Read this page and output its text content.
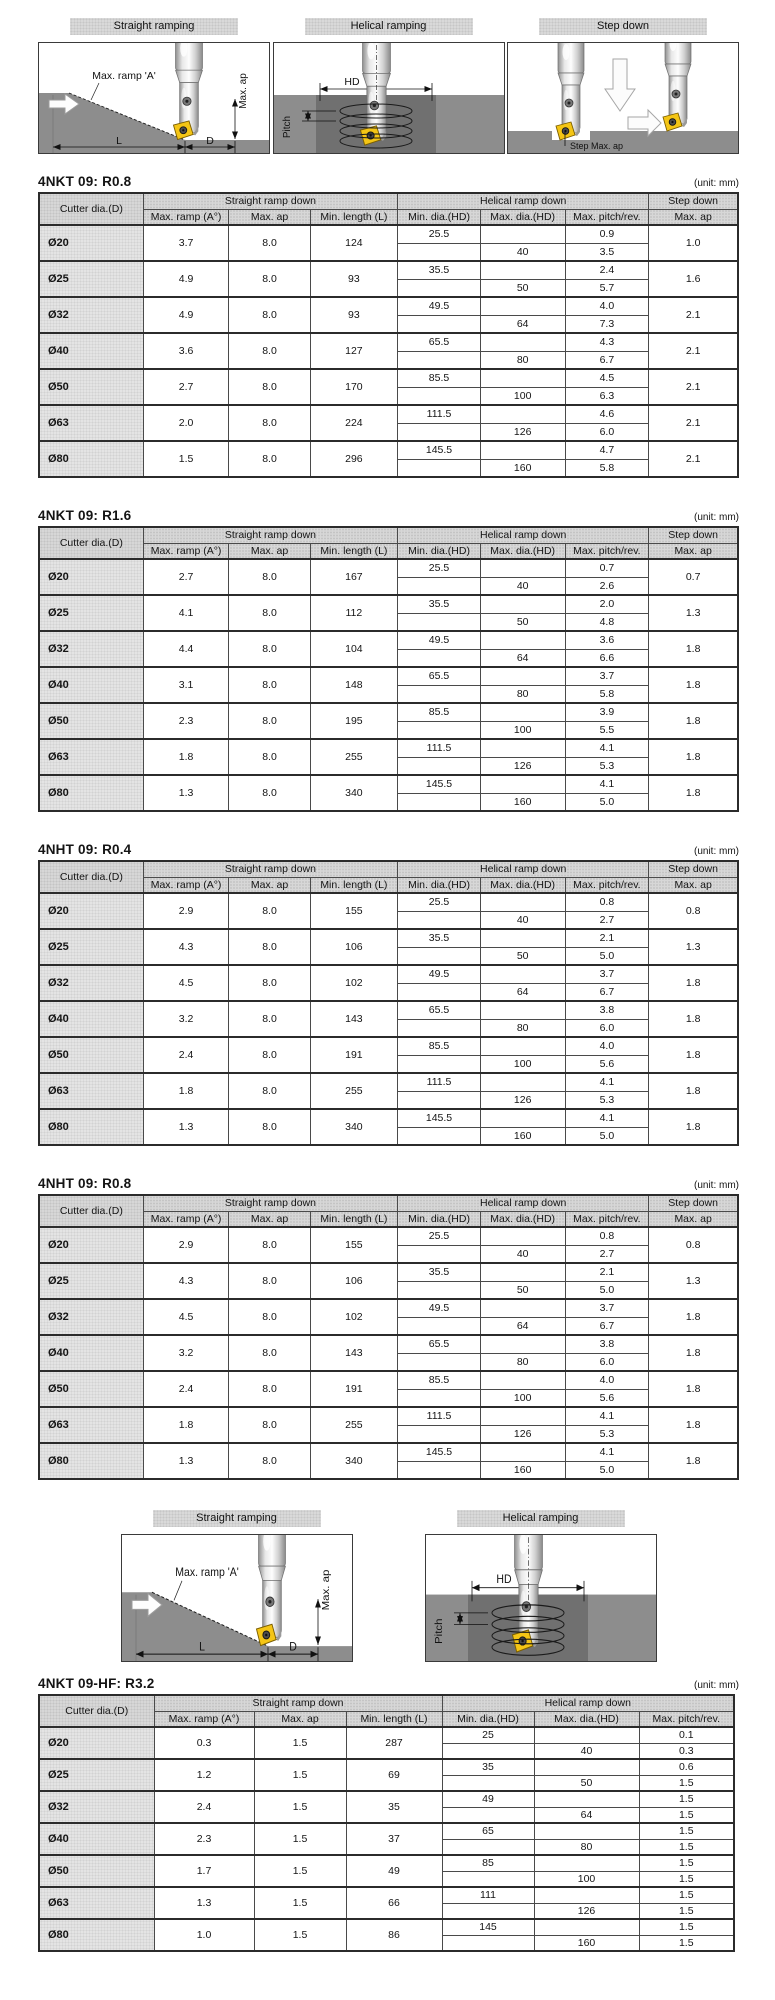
Straight ramping
Max. ramp 'A'	Max. ap
L	D
Helical ramping
HD
Pitch
Step down
Step Max. ap
4NKT 09: R0.8	(unit: mm)
Cutter dia.(D)	Straight ramp down			Helical ramp down			Step down
	Max. ramp (A°)	Max. ap	Min. length (L)	Min. dia.(HD)	Max. dia.(HD)	Max. pitch/rev.	Max. ap
Ø20	3.7	8.0	124	25.5		0.9	1.0
					40	3.5	
Ø25	4.9	8.0	93	35.5		2.4	1.6
					50	5.7	
Ø32	4.9	8.0	93	49.5		4.0	2.1
					64	7.3	
Ø40	3.6	8.0	127	65.5		4.3	2.1
					80	6.7	
Ø50	2.7	8.0	170	85.5		4.5	2.1
					100	6.3	
Ø63	2.0	8.0	224	111.5		4.6	2.1
					126	6.0	
Ø80	1.5	8.0	296	145.5		4.7	2.1
					160	5.8	
4NKT 09: R1.6	(unit: mm)
Cutter dia.(D)	Straight ramp down			Helical ramp down			Step down
	Max. ramp (A°)	Max. ap	Min. length (L)	Min. dia.(HD)	Max. dia.(HD)	Max. pitch/rev.	Max. ap
Ø20	2.7	8.0	167	25.5		0.7	0.7
					40	2.6	
Ø25	4.1	8.0	112	35.5		2.0	1.3
					50	4.8	
Ø32	4.4	8.0	104	49.5		3.6	1.8
					64	6.6	
Ø40	3.1	8.0	148	65.5		3.7	1.8
					80	5.8	
Ø50	2.3	8.0	195	85.5		3.9	1.8
					100	5.5	
Ø63	1.8	8.0	255	111.5		4.1	1.8
					126	5.3	
Ø80	1.3	8.0	340	145.5		4.1	1.8
					160	5.0	
4NHT 09: R0.4	(unit: mm)
Cutter dia.(D)	Straight ramp down			Helical ramp down			Step down
	Max. ramp (A°)	Max. ap	Min. length (L)	Min. dia.(HD)	Max. dia.(HD)	Max. pitch/rev.	Max. ap
Ø20	2.9	8.0	155	25.5		0.8	0.8
					40	2.7	
Ø25	4.3	8.0	106	35.5		2.1	1.3
					50	5.0	
Ø32	4.5	8.0	102	49.5		3.7	1.8
					64	6.7	
Ø40	3.2	8.0	143	65.5		3.8	1.8
					80	6.0	
Ø50	2.4	8.0	191	85.5		4.0	1.8
					100	5.6	
Ø63	1.8	8.0	255	111.5		4.1	1.8
					126	5.3	
Ø80	1.3	8.0	340	145.5		4.1	1.8
					160	5.0	
4NHT 09: R0.8	(unit: mm)
Cutter dia.(D)	Straight ramp down			Helical ramp down			Step down
	Max. ramp (A°)	Max. ap	Min. length (L)	Min. dia.(HD)	Max. dia.(HD)	Max. pitch/rev.	Max. ap
Ø20	2.9	8.0	155	25.5		0.8	0.8
					40	2.7	
Ø25	4.3	8.0	106	35.5		2.1	1.3
					50	5.0	
Ø32	4.5	8.0	102	49.5		3.7	1.8
					64	6.7	
Ø40	3.2	8.0	143	65.5		3.8	1.8
					80	6.0	
Ø50	2.4	8.0	191	85.5		4.0	1.8
					100	5.6	
Ø63	1.8	8.0	255	111.5		4.1	1.8
					126	5.3	
Ø80	1.3	8.0	340	145.5		4.1	1.8
					160	5.0	
Straight ramping
Max. ramp 'A'	Max. ap
L	D
Helical ramping
HD
Pitch
4NKT 09-HF: R3.2	(unit: mm)
Cutter dia.(D)	Straight ramp down			Helical ramp down		
	Max. ramp (A°)	Max. ap	Min. length (L)	Min. dia.(HD)	Max. dia.(HD)	Max. pitch/rev.
Ø20	0.3	1.5	287	25		0.1
					40	0.3
Ø25	1.2	1.5	69	35		0.6
					50	1.5
Ø32	2.4	1.5	35	49		1.5
					64	1.5
Ø40	2.3	1.5	37	65		1.5
					80	1.5
Ø50	1.7	1.5	49	85		1.5
					100	1.5
Ø63	1.3	1.5	66	111		1.5
					126	1.5
Ø80	1.0	1.5	86	145		1.5
					160	1.5
